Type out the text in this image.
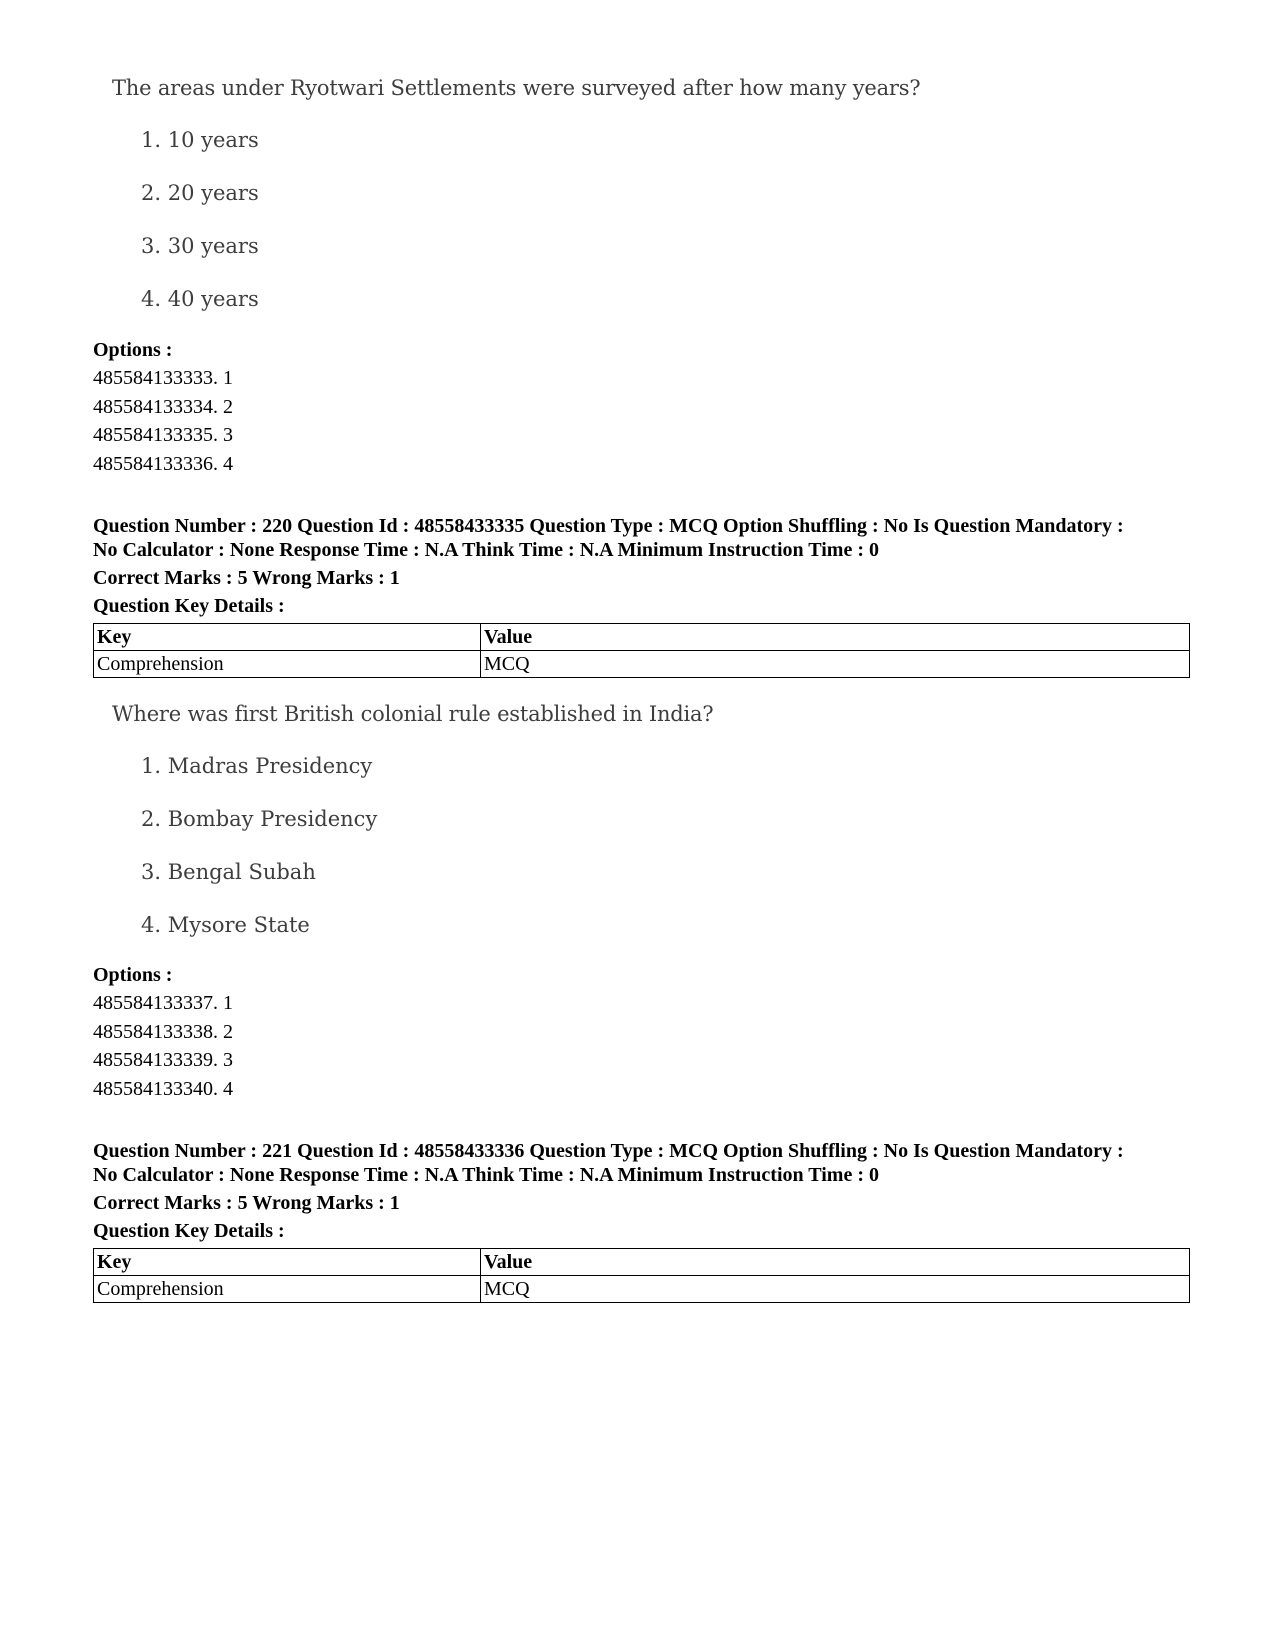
The areas under Ryotwari Settlements were surveyed after how many years?
1. 10 years
2. 20 years
3. 30 years
4. 40 years
Options :
485584133333. 1
485584133334. 2
485584133335. 3
485584133336. 4
Question Number : 220 Question Id : 48558433335 Question Type : MCQ Option Shuffling : No Is Question Mandatory :
No Calculator : None Response Time : N.A Think Time : N.A Minimum Instruction Time : 0
Correct Marks : 5 Wrong Marks : 1
Question Key Details :
Key	Value
Comprehension	MCQ
Where was first British colonial rule established in India?
1. Madras Presidency
2. Bombay Presidency
3. Bengal Subah
4. Mysore State
Options :
485584133337. 1
485584133338. 2
485584133339. 3
485584133340. 4
Question Number : 221 Question Id : 48558433336 Question Type : MCQ Option Shuffling : No Is Question Mandatory :
No Calculator : None Response Time : N.A Think Time : N.A Minimum Instruction Time : 0
Correct Marks : 5 Wrong Marks : 1
Question Key Details :
Key	Value
Comprehension	MCQ
